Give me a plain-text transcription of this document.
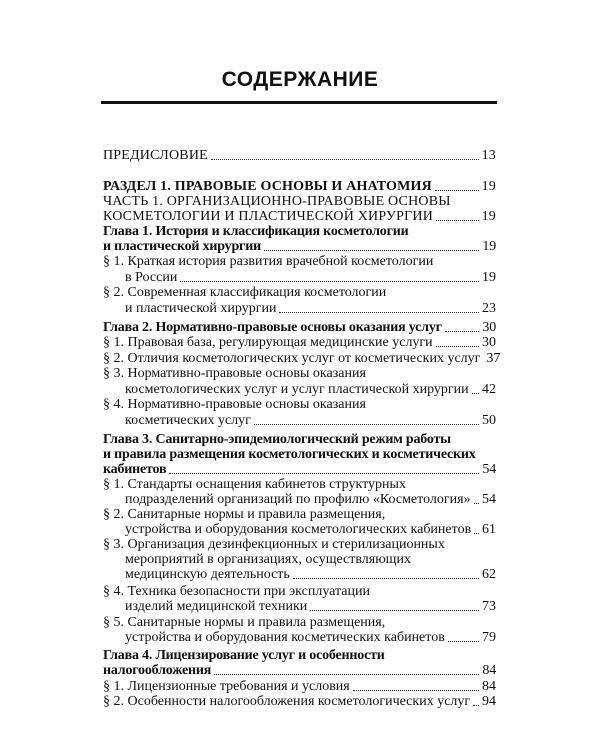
СОДЕРЖАНИЕ
ПРЕДИСЛОВИЕ	13
РАЗДЕЛ 1. ПРАВОВЫЕ ОСНОВЫ И АНАТОМИЯ	19
ЧАСТЬ 1. ОРГАНИЗАЦИОННО-ПРАВОВЫЕ ОСНОВЫ
КОСМЕТОЛОГИИ И ПЛАСТИЧЕСКОЙ ХИРУРГИИ	19
Глава 1. История и классификация косметологии
и пластической хирургии	19
§ 1. Краткая история развития врачебной косметологии
в России	19
§ 2. Современная классификация косметологии
и пластической хирургии	23
Глава 2. Нормативно-правовые основы оказания услуг	30
§ 1. Правовая база, регулирующая медицинские услуги	30
§ 2. Отличия косметологических услуг от косметических услуг 37
§ 3. Нормативно-правовые основы оказания
косметологических услуг и услуг пластической хирургии 42
§ 4. Нормативно-правовые основы оказания
косметических услуг	50
Глава 3. Санитарно-эпидемиологический режим работы
и правила размещения косметологических и косметических
кабинетов	54
§ 1. Стандарты оснащения кабинетов структурных
подразделений организаций по профилю «Косметология» 54
§ 2. Санитарные нормы и правила размещения,
устройства и оборудования косметологических кабинетов 61
§ 3. Организация дезинфекционных и стерилизационных
мероприятий в организациях, осуществляющих
медицинскую деятельность	62
§ 4. Техника безопасности при эксплуатации
изделий медицинской техники	73
§ 5. Санитарные нормы и правила размещения,
устройства и оборудования косметических кабинетов	79
Глава 4. Лицензирование услуг и особенности
налогообложения	84
§ 1. Лицензионные требования и условия	84
§ 2. Особенности налогообложения косметологических услуг 94
